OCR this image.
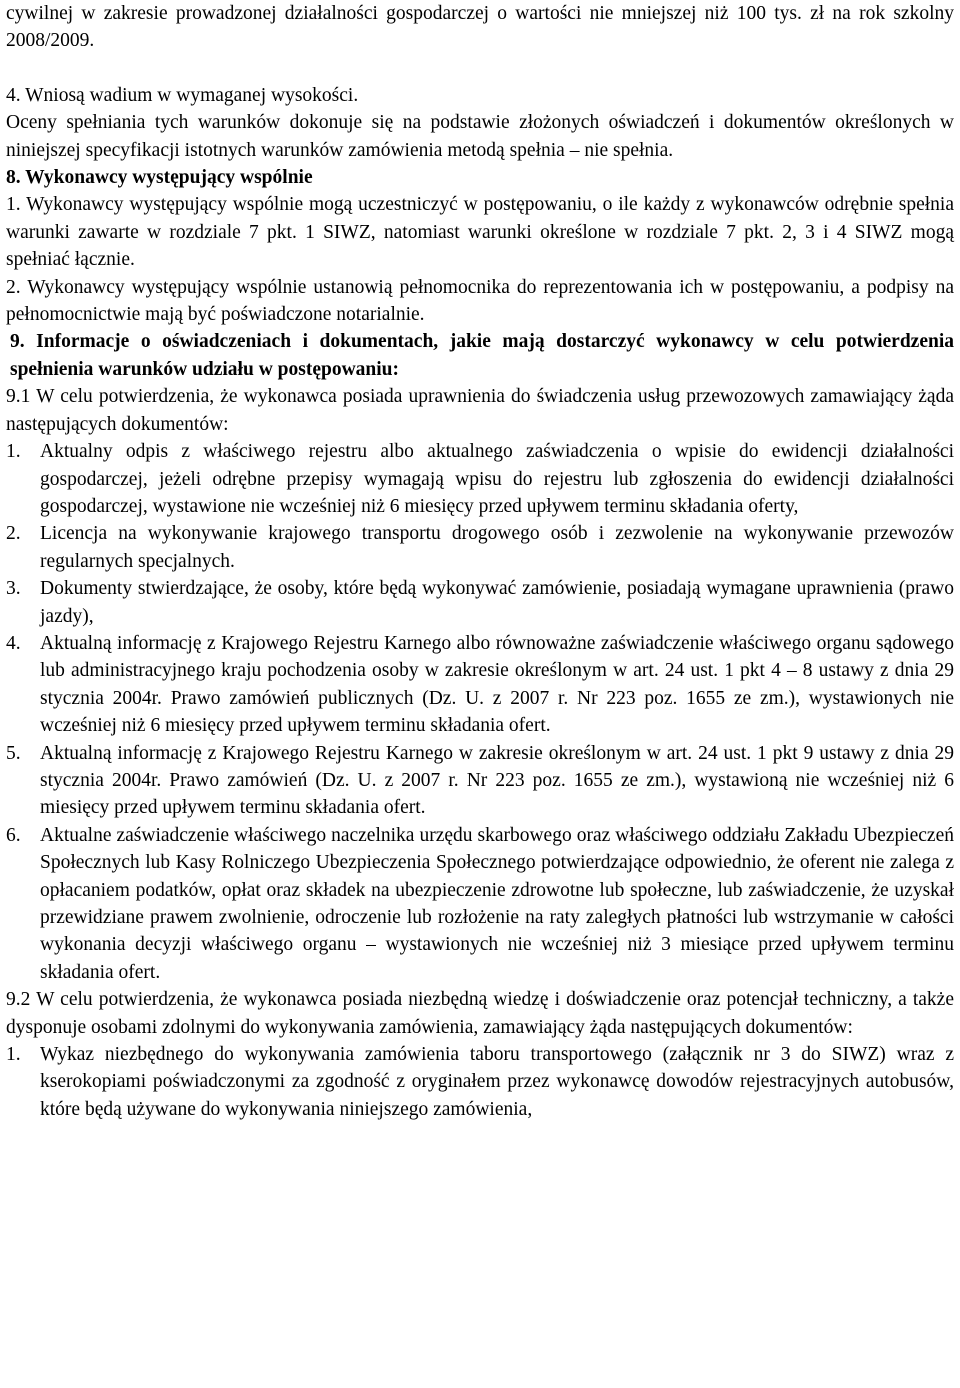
cywilnej w zakresie prowadzonej działalności gospodarczej o wartości nie mniejszej niż 100 tys. zł na rok szkolny 2008/2009.

4. Wniosą wadium w wymaganej wysokości.

Oceny spełniania tych warunków dokonuje się na podstawie złożonych oświadczeń i dokumentów określonych w niniejszej specyfikacji istotnych warunków zamówienia metodą spełnia – nie spełnia.

8. Wykonawcy występujący wspólnie

1. Wykonawcy występujący wspólnie mogą uczestniczyć w postępowaniu, o ile każdy z wykonawców odrębnie spełnia warunki zawarte w rozdziale 7 pkt. 1 SIWZ, natomiast warunki określone w rozdziale 7 pkt. 2, 3 i 4 SIWZ mogą spełniać łącznie.

2. Wykonawcy występujący wspólnie ustanowią pełnomocnika do reprezentowania ich w postępowaniu, a podpisy na pełnomocnictwie mają być poświadczone notarialnie.

9. Informacje o oświadczeniach i dokumentach, jakie mają dostarczyć wykonawcy w celu potwierdzenia spełnienia warunków udziału w postępowaniu:

9.1 W celu potwierdzenia, że wykonawca posiada uprawnienia do świadczenia usług przewozowych zamawiający żąda następujących dokumentów:

1. Aktualny odpis z właściwego rejestru albo aktualnego zaświadczenia o wpisie do ewidencji działalności gospodarczej, jeżeli odrębne przepisy wymagają wpisu do rejestru lub zgłoszenia do ewidencji działalności gospodarczej, wystawione nie wcześniej niż 6 miesięcy przed upływem terminu składania oferty,
2. Licencja na wykonywanie krajowego transportu drogowego osób i zezwolenie na wykonywanie przewozów regularnych specjalnych.
3. Dokumenty stwierdzające, że osoby, które będą wykonywać zamówienie, posiadają wymagane uprawnienia (prawo jazdy),
4. Aktualną informację z Krajowego Rejestru Karnego albo równoważne zaświadczenie właściwego organu sądowego lub administracyjnego kraju pochodzenia osoby w zakresie określonym w art. 24 ust. 1 pkt 4 – 8 ustawy z dnia 29 stycznia 2004r. Prawo zamówień publicznych (Dz. U. z 2007 r. Nr 223 poz. 1655 ze zm.), wystawionych nie wcześniej niż 6 miesięcy przed upływem terminu składania ofert.
5. Aktualną informację z Krajowego Rejestru Karnego w zakresie określonym w art. 24 ust. 1 pkt 9 ustawy z dnia 29 stycznia 2004r. Prawo zamówień (Dz. U. z 2007 r. Nr 223 poz. 1655 ze zm.), wystawioną nie wcześniej niż 6 miesięcy przed upływem terminu składania ofert.
6. Aktualne zaświadczenie właściwego naczelnika urzędu skarbowego oraz właściwego oddziału Zakładu Ubezpieczeń Społecznych lub Kasy Rolniczego Ubezpieczenia Społecznego potwierdzające odpowiednio, że oferent nie zalega z opłacaniem podatków, opłat oraz składek na ubezpieczenie zdrowotne lub społeczne, lub zaświadczenie, że uzyskał przewidziane prawem zwolnienie, odroczenie lub rozłożenie na raty zaległych płatności lub wstrzymanie w całości wykonania decyzji właściwego organu – wystawionych nie wcześniej niż 3 miesiące przed upływem terminu składania ofert.

9.2 W celu potwierdzenia, że wykonawca posiada niezbędną wiedzę i doświadczenie oraz potencjał techniczny, a także dysponuje osobami zdolnymi do wykonywania zamówienia, zamawiający żąda następujących dokumentów:

1. Wykaz niezbędnego do wykonywania zamówienia taboru transportowego (załącznik nr 3 do SIWZ) wraz z kserokopiami poświadczonymi za zgodność z oryginałem przez wykonawcę dowodów rejestracyjnych autobusów, które będą używane do wykonywania niniejszego zamówienia,
